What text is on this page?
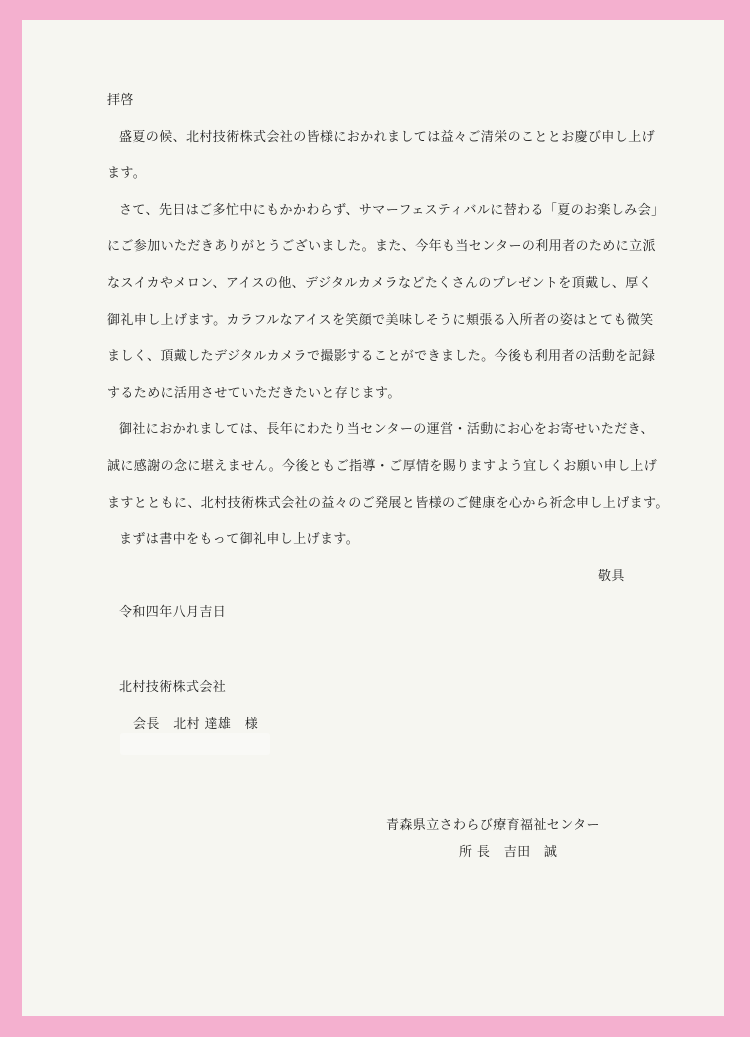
拝啓
盛夏の候、北村技術株式会社の皆様におかれましては益々ご清栄のこととお慶び申し上げ
ます。
さて、先日はご多忙中にもかかわらず、サマーフェスティバルに替わる「夏のお楽しみ会」
にご参加いただきありがとうございました。また、今年も当センターの利用者のために立派
なスイカやメロン、アイスの他、デジタルカメラなどたくさんのプレゼントを頂戴し、厚く
御礼申し上げます。カラフルなアイスを笑顔で美味しそうに頬張る入所者の姿はとても微笑
ましく、頂戴したデジタルカメラで撮影することができました。今後も利用者の活動を記録
するために活用させていただきたいと存じます。
御社におかれましては、長年にわたり当センターの運営・活動にお心をお寄せいただき、
誠に感謝の念に堪えません。今後ともご指導・ご厚情を賜りますよう宜しくお願い申し上げ
ますとともに、北村技術株式会社の益々のご発展と皆様のご健康を心から祈念申し上げます。
まずは書中をもって御礼申し上げます。
敬具
令和四年八月吉日
北村技術株式会社
会長　北村 達雄　様
青森県立さわらび療育福祉センター
所 長　吉田　誠
